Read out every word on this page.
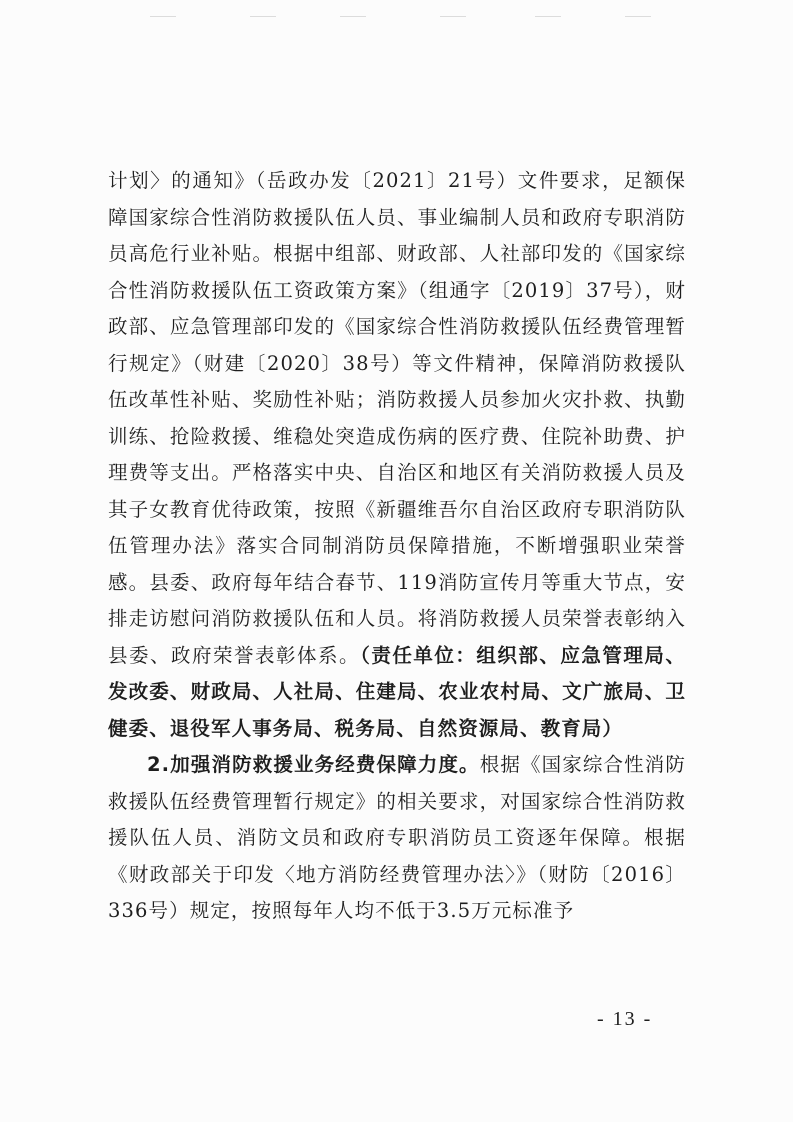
计划〉的通知》（岳政办发〔2021〕21号）文件要求，足额保障国家综合性消防救援队伍人员、事业编制人员和政府专职消防员高危行业补贴。根据中组部、财政部、人社部印发的《国家综合性消防救援队伍工资政策方案》（组通字〔2019〕37号），财政部、应急管理部印发的《国家综合性消防救援队伍经费管理暂行规定》（财建〔2020〕38号）等文件精神，保障消防救援队伍改革性补贴、奖励性补贴；消防救援人员参加火灾扑救、执勤训练、抢险救援、维稳处突造成伤病的医疗费、住院补助费、护理费等支出。严格落实中央、自治区和地区有关消防救援人员及其子女教育优待政策，按照《新疆维吾尔自治区政府专职消防队伍管理办法》落实合同制消防员保障措施，不断增强职业荣誉感。县委、政府每年结合春节、119消防宣传月等重大节点，安排走访慰问消防救援队伍和人员。将消防救援人员荣誉表彰纳入县委、政府荣誉表彰体系。（责任单位：组织部、应急管理局、发改委、财政局、人社局、住建局、农业农村局、文广旅局、卫健委、退役军人事务局、税务局、自然资源局、教育局）

2.加强消防救援业务经费保障力度。根据《国家综合性消防救援队伍经费管理暂行规定》的相关要求，对国家综合性消防救援队伍人员、消防文员和政府专职消防员工资逐年保障。根据《财政部关于印发〈地方消防经费管理办法〉》（财防〔2016〕336号）规定，按照每年人均不低于3.5万元标准予

- 13 -
